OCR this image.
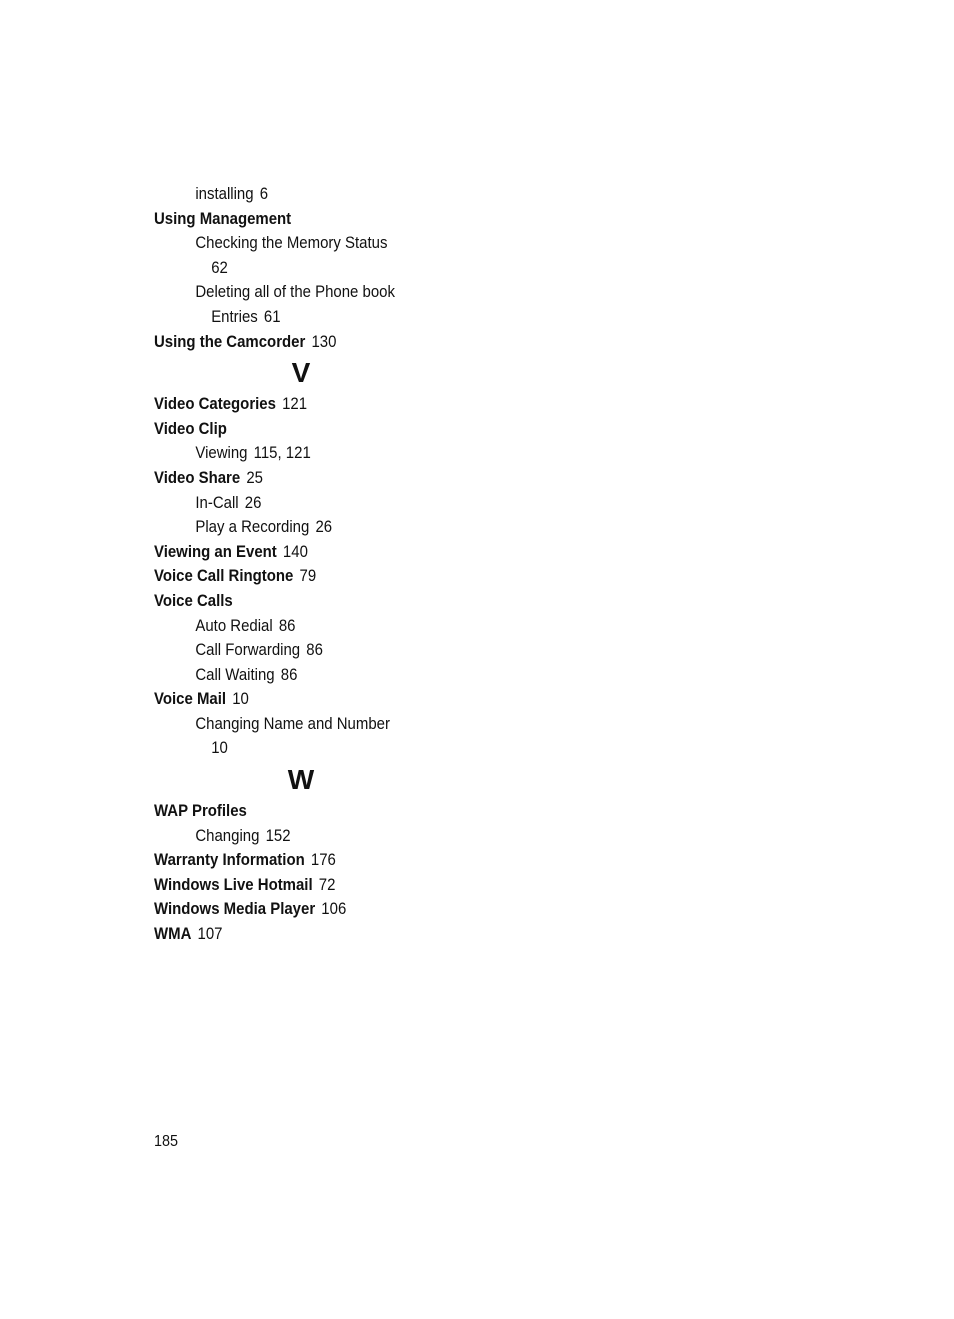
installing 6
Using Management
Checking the Memory Status
62
Deleting all of the Phone book
Entries 61
Using the Camcorder 130
V
Video Categories 121
Video Clip
Viewing 115, 121
Video Share 25
In-Call 26
Play a Recording 26
Viewing an Event 140
Voice Call Ringtone 79
Voice Calls
Auto Redial 86
Call Forwarding 86
Call Waiting 86
Voice Mail 10
Changing Name and Number
10
W
WAP Profiles
Changing 152
Warranty Information 176
Windows Live Hotmail 72
Windows Media Player 106
WMA 107
185
